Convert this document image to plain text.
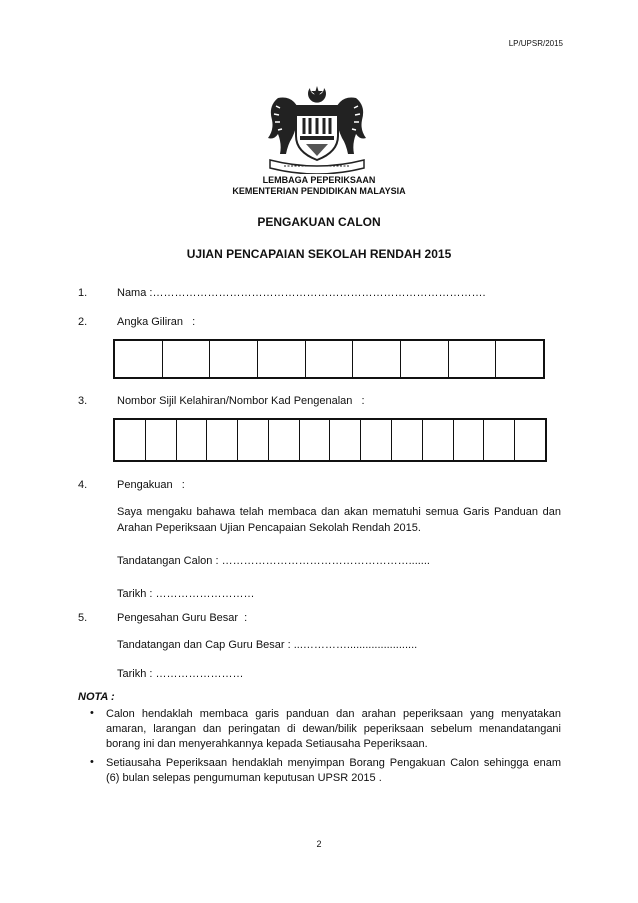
LP/UPSR/2015
LEMBAGA PEPERIKSAAN
KEMENTERIAN PENDIDIKAN MALAYSIA
PENGAKUAN CALON
UJIAN PENCAPAIAN SEKOLAH RENDAH 2015
1.	Nama :……………………………………………………………………………….
2.	Angka Giliran :
3.	Nombor Sijil Kelahiran/Nombor Kad Pengenalan :
4.	Pengakuan :
Saya mengaku bahawa telah membaca dan akan mematuhi semua Garis Panduan dan Arahan Peperiksaan Ujian Pencapaian Sekolah Rendah 2015.
Tandatangan Calon : …………………………………………….......
Tarikh : ………………………
5.	Pengesahan Guru Besar :
Tandatangan dan Cap Guru Besar : ...………….......................
Tarikh : ……………………
NOTA :
• Calon hendaklah membaca garis panduan dan arahan peperiksaan yang menyatakan amaran, larangan dan peringatan di dewan/bilik peperiksaan sebelum menandatangani borang ini dan menyerahkannya kepada Setiausaha Peperiksaan.
• Setiausaha Peperiksaan hendaklah menyimpan Borang Pengakuan Calon sehingga enam (6) bulan selepas pengumuman keputusan UPSR 2015 .
2
